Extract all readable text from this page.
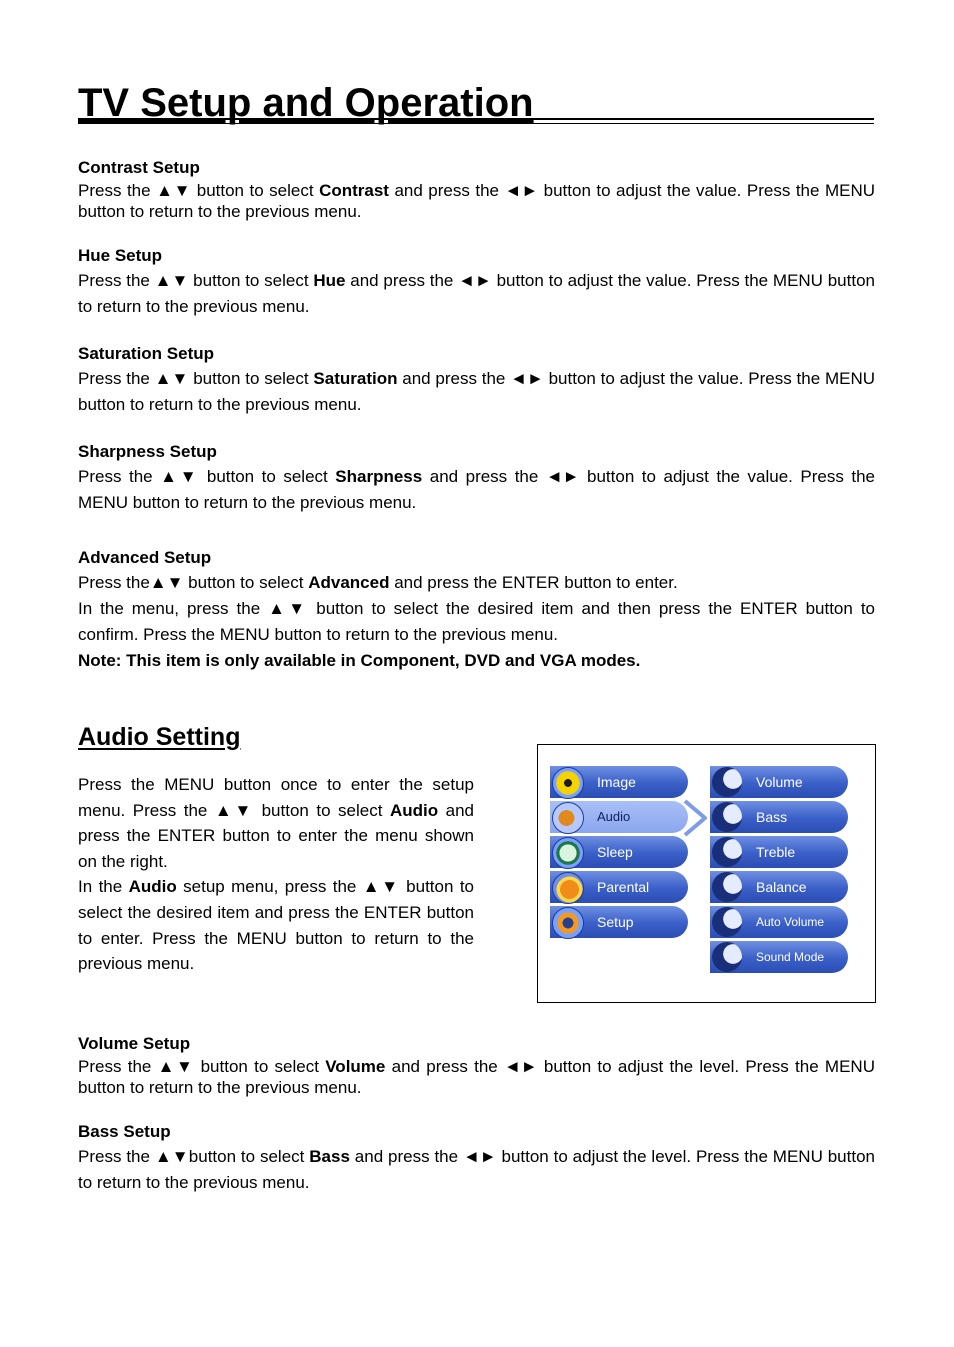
TV Setup and Operation
Contrast Setup
Press the ▲▼ button to select Contrast and press the ◄► button to adjust the value. Press the MENU button to return to the previous menu.
Hue Setup
Press the ▲▼ button to select Hue and press the ◄► button to adjust the value. Press the MENU button to return to the previous menu.
Saturation Setup
Press the ▲▼ button to select Saturation and press the ◄► button to adjust the value. Press the MENU button to return to the previous menu.
Sharpness Setup
Press the ▲▼ button to select Sharpness and press the ◄► button to adjust the value. Press the MENU button to return to the previous menu.
Advanced Setup
Press the▲▼ button to select Advanced and press the ENTER button to enter.
In the menu, press the ▲▼ button to select the desired item and then press the ENTER button to confirm. Press the MENU button to return to the previous menu.
Note: This item is only available in Component, DVD and VGA modes.
Audio Setting
Press the MENU button once to enter the setup menu. Press the ▲▼ button to select Audio and press the ENTER button to enter the menu shown on the right.
In the Audio setup menu, press the ▲▼ button to select the desired item and press the ENTER button to enter. Press the MENU button to return to the previous menu.
Image
Audio
Sleep
Parental
Setup
Volume
Bass
Treble
Balance
Auto Volume
Sound Mode
Volume Setup
Press the ▲▼ button to select Volume and press the ◄► button to adjust the level. Press the MENU button to return to the previous menu.
Bass Setup
Press the ▲▼button to select Bass and press the ◄► button to adjust the level. Press the MENU button to return to the previous menu.
